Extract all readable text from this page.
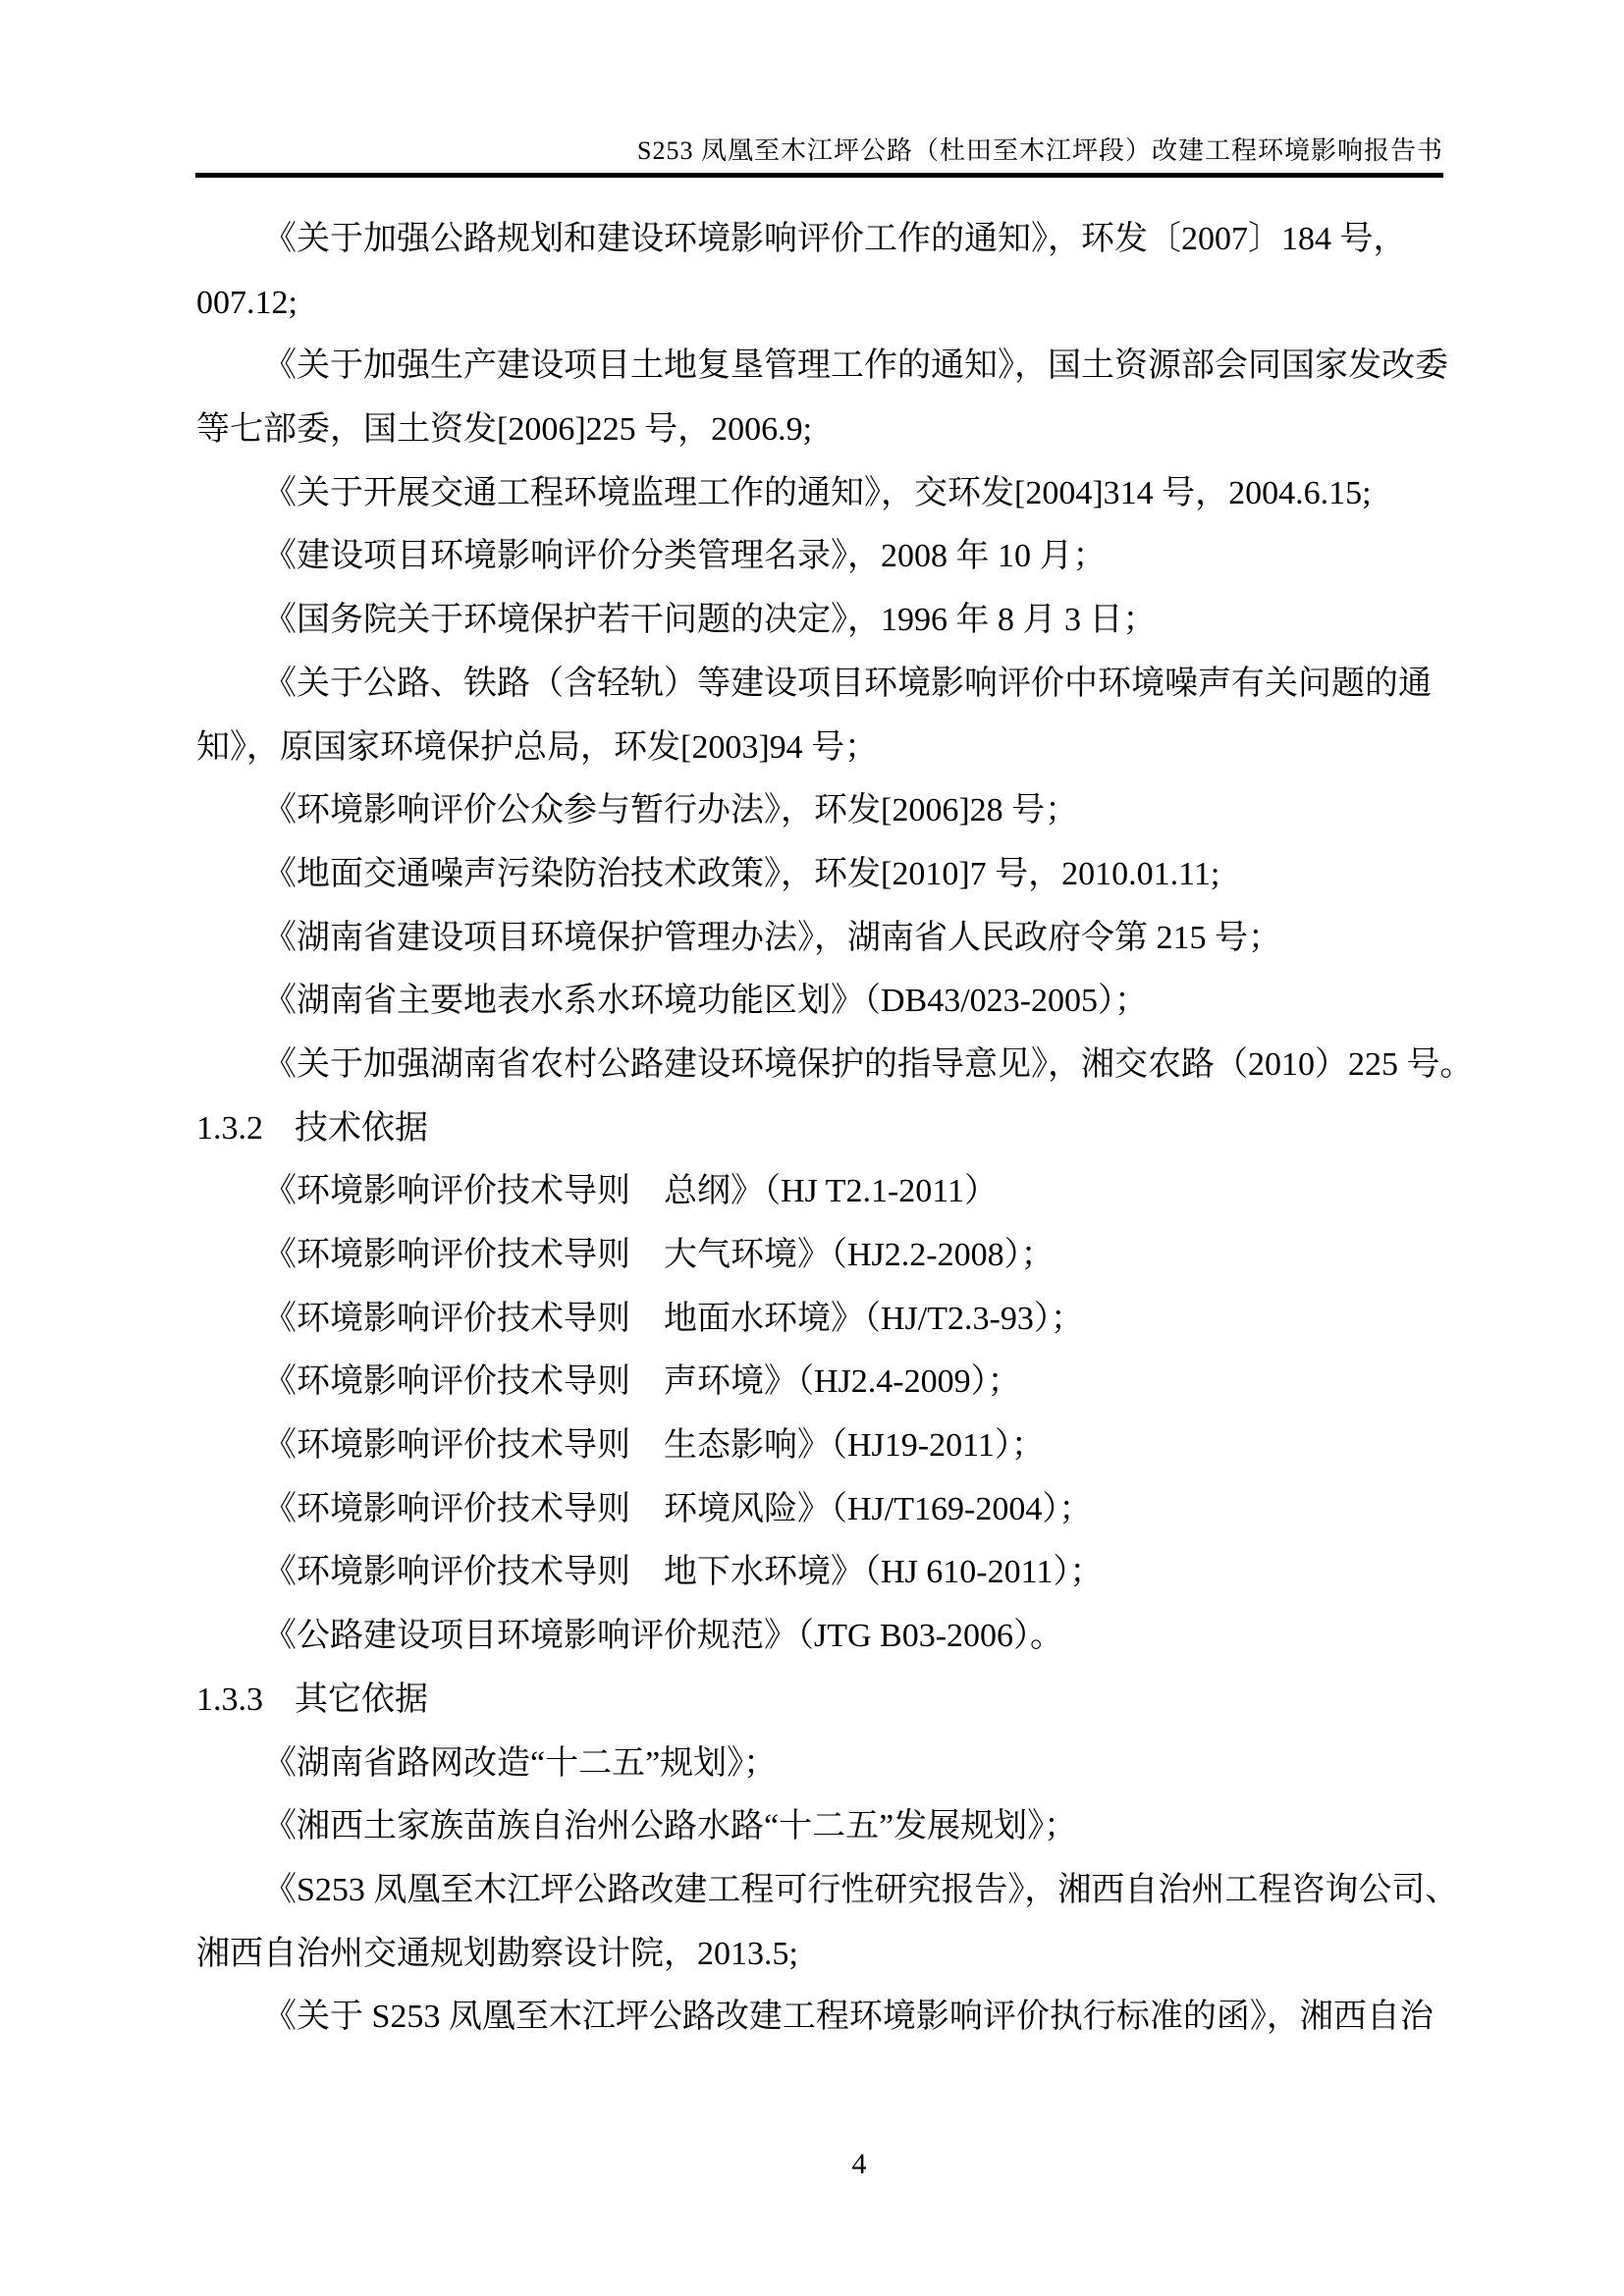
S253 凤凰至木江坪公路（杜田至木江坪段）改建工程环境影响报告书
《关于加强公路规划和建设环境影响评价工作的通知》，环发〔2007〕184 号，
007.12;
《关于加强生产建设项目土地复垦管理工作的通知》，国土资源部会同国家发改委
等七部委，国土资发[2006]225 号，2006.9;
《关于开展交通工程环境监理工作的通知》，交环发[2004]314 号，2004.6.15;
《建设项目环境影响评价分类管理名录》，2008 年 10 月；
《国务院关于环境保护若干问题的决定》，1996 年 8 月 3 日；
《关于公路、铁路（含轻轨）等建设项目环境影响评价中环境噪声有关问题的通
知》，原国家环境保护总局，环发[2003]94 号；
《环境影响评价公众参与暂行办法》，环发[2006]28 号；
《地面交通噪声污染防治技术政策》，环发[2010]7 号，2010.01.11;
《湖南省建设项目环境保护管理办法》，湖南省人民政府令第 215 号；
《湖南省主要地表水系水环境功能区划》（DB43/023-2005）；
《关于加强湖南省农村公路建设环境保护的指导意见》，湘交农路（2010）225 号。
1.3.2 技术依据
《环境影响评价技术导则　总纲》（HJ T2.1-2011）
《环境影响评价技术导则　大气环境》（HJ2.2-2008）；
《环境影响评价技术导则　地面水环境》（HJ/T2.3-93）；
《环境影响评价技术导则　声环境》（HJ2.4-2009）；
《环境影响评价技术导则　生态影响》（HJ19-2011）；
《环境影响评价技术导则　环境风险》（HJ/T169-2004）；
《环境影响评价技术导则　地下水环境》（HJ 610-2011）；
《公路建设项目环境影响评价规范》（JTG B03-2006）。
1.3.3 其它依据
《湖南省路网改造“十二五”规划》；
《湘西土家族苗族自治州公路水路“十二五”发展规划》；
《S253 凤凰至木江坪公路改建工程可行性研究报告》，湘西自治州工程咨询公司、
湘西自治州交通规划勘察设计院，2013.5;
《关于 S253 凤凰至木江坪公路改建工程环境影响评价执行标准的函》，湘西自治
4
